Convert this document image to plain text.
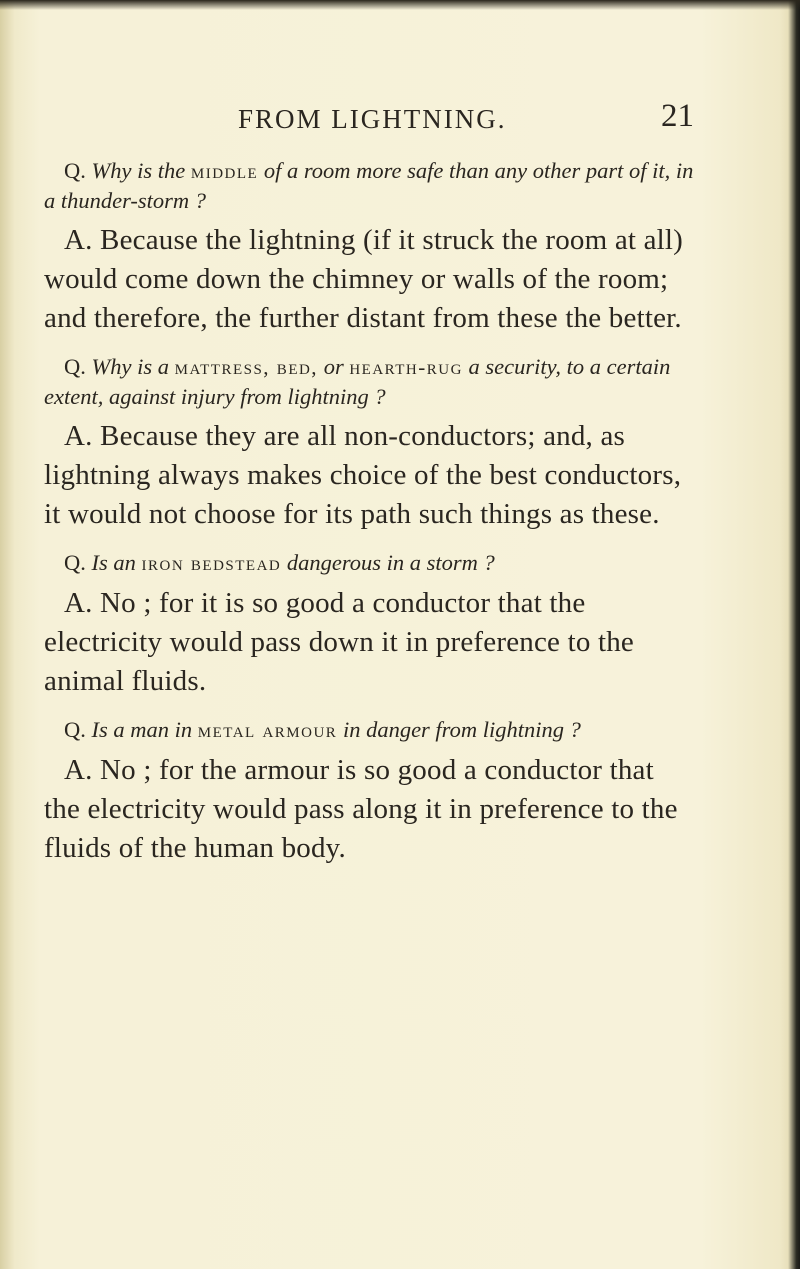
FROM LIGHTNING.	21

Q. Why is the middle of a room more safe than any other part of it, in a thunder-storm ?

A. Because the lightning (if it struck the room at all) would come down the chimney or walls of the room; and therefore, the further distant from these the better.

Q. Why is a mattress, bed, or hearth-rug a security, to a certain extent, against injury from lightning ?

A. Because they are all non-conductors; and, as lightning always makes choice of the best conductors, it would not choose for its path such things as these.

Q. Is an iron bedstead dangerous in a storm ?

A. No ; for it is so good a conductor that the electricity would pass down it in preference to the animal fluids.

Q. Is a man in metal armour in danger from lightning ?

A. No ; for the armour is so good a conductor that the electricity would pass along it in preference to the fluids of the human body.
